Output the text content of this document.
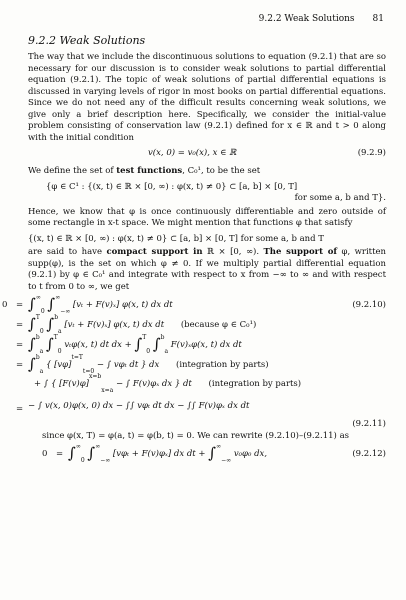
9.2.2 Weak Solutions 81
9.2.2 Weak Solutions

The way that we include the discontinuous solutions to equation (9.2.1) that are so necessary for our discussion is to consider weak solutions to partial differential equation (9.2.1). The topic of weak solutions of partial differential equations is discussed in varying levels of rigor in most books on partial differential equations. Since we do not need any of the difficult results concerning weak solutions, we give only a brief description here. Specifically, we consider the initial-value problem consisting of conservation law (9.2.1) defined for x ∈ ℝ and t > 0 along with the initial condition

v(x, 0) = v₀(x), x ∈ ℝ	(9.2.9)

We define the set of test functions, C₀¹, to be the set

{φ ∈ C¹ : {(x, t) ∈ ℝ × [0, ∞) : φ(x, t) ≠ 0} ⊂ [a, b] × [0, T]
for some a, b and T}.

Hence, we know that φ is once continuously differentiable and zero outside of some rectangle in x-t space. We might mention that functions φ that satisfy

{(x, t) ∈ ℝ × [0, ∞) : φ(x, t) ≠ 0} ⊂ [a, b] × [0, T] for some a, b and T

are said to have compact support in ℝ × [0, ∞). The support of φ, written supp(φ), is the set on which φ ≠ 0. If we multiply partial differential equation (9.2.1) by φ ∈ C₀¹ and integrate with respect to x from −∞ to ∞ and with respect to t from 0 to ∞, we get

$0 = \int^\infty_0$ $\int^\infty_{-\infty}$ [vₜ + F(v)ₓ] φ(x, t) dx dt	(9.2.10)
= ∫$^T_0$ ∫$^b_a$ [vₜ + F(v)ₓ] φ(x, t) dx dt (because φ ∈ C₀¹)
= ∫$^b_a$ ∫$^T_0$ vₜφ(x, t) dt dx + ∫$^T_0$ ∫$^b_a$ F(v)ₓφ(x, t) dx dt
= ∫$^b_a$ { $[v\varphi]^{t=T}_{t=0}$ − ∫ vφₜ dt } dx (integration by parts)
+ ∫ { $[F(v)\varphi]^{x=b}_{x=a}$ − ∫ F(v)φₓ dx } dt (integration by parts)
= − ∫ v(x, 0)φ(x, 0) dx − ∫∫ vφₜ dt dx − ∫∫ F(v)φₓ dx dt
(9.2.11)

since φ(x, T) = φ(a, t) = φ(b, t) = 0. We can rewrite (9.2.10)–(9.2.11) as

$0 = \int^\infty_0$ $\int^\infty_{-\infty}$ [vφₜ + F(v)φₓ] dx dt + $\int^\infty_{-\infty}$ v₀φ₀ dx,	(9.2.12)
